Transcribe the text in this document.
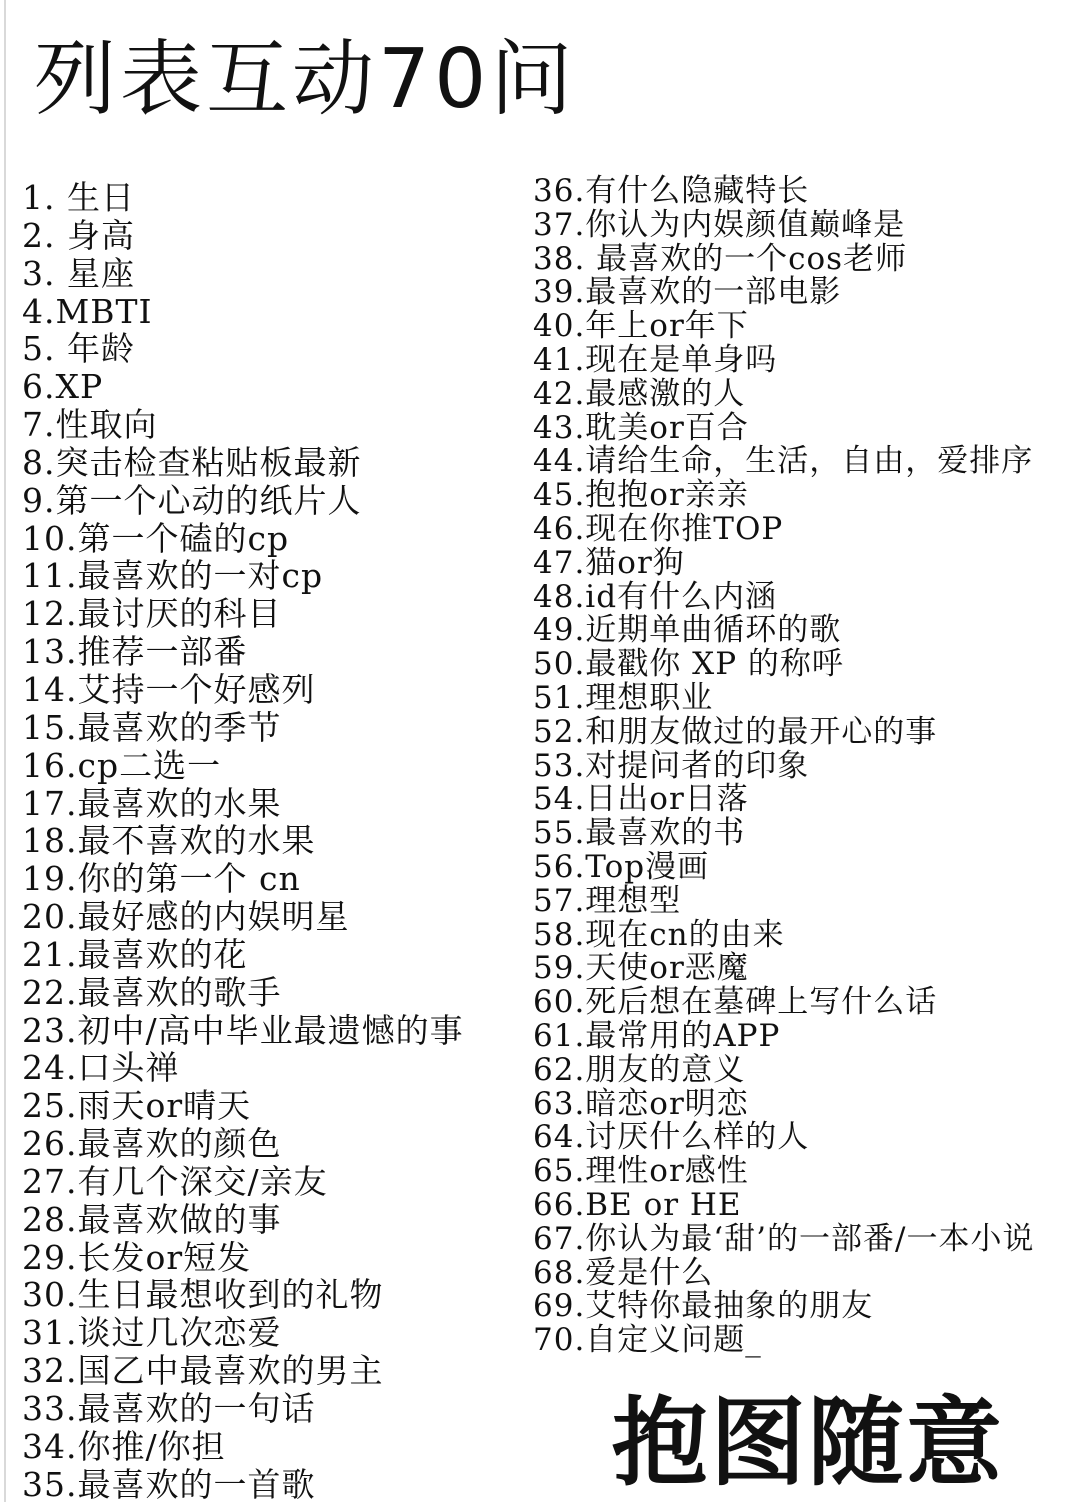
列表互动70问
1. 生日
2. 身高
3. 星座
4.MBTI
5. 年龄
6.XP
7.性取向
8.突击检查粘贴板最新
9.第一个心动的纸片人
10.第一个磕的cp
11.最喜欢的一对cp
12.最讨厌的科目
13.推荐一部番
14.艾持一个好感列
15.最喜欢的季节
16.cp二选一
17.最喜欢的水果
18.最不喜欢的水果
19.你的第一个 cn
20.最好感的内娱明星
21.最喜欢的花
22.最喜欢的歌手
23.初中/高中毕业最遗憾的事
24.口头禅
25.雨天or晴天
26.最喜欢的颜色
27.有几个深交/亲友
28.最喜欢做的事
29.长发or短发
30.生日最想收到的礼物
31.谈过几次恋爱
32.国乙中最喜欢的男主
33.最喜欢的一句话
34.你推/你担
35.最喜欢的一首歌
36.有什么隐藏特长
37.你认为内娱颜值巅峰是
38. 最喜欢的一个cos老师
39.最喜欢的一部电影
40.年上or年下
41.现在是单身吗
42.最感激的人
43.耽美or百合
44.请给生命，生活，自由，爱排序
45.抱抱or亲亲
46.现在你推TOP
47.猫or狗
48.id有什么内涵
49.近期单曲循环的歌
50.最戳你 XP 的称呼
51.理想职业
52.和朋友做过的最开心的事
53.对提问者的印象
54.日出or日落
55.最喜欢的书
56.Top漫画
57.理想型
58.现在cn的由来
59.天使or恶魔
60.死后想在墓碑上写什么话
61.最常用的APP
62.朋友的意义
63.暗恋or明恋
64.讨厌什么样的人
65.理性or感性
66.BE or HE
67.你认为最‘甜’的一部番/一本小说
68.爱是什么
69.艾特你最抽象的朋友
70.自定义问题_
抱图随意
